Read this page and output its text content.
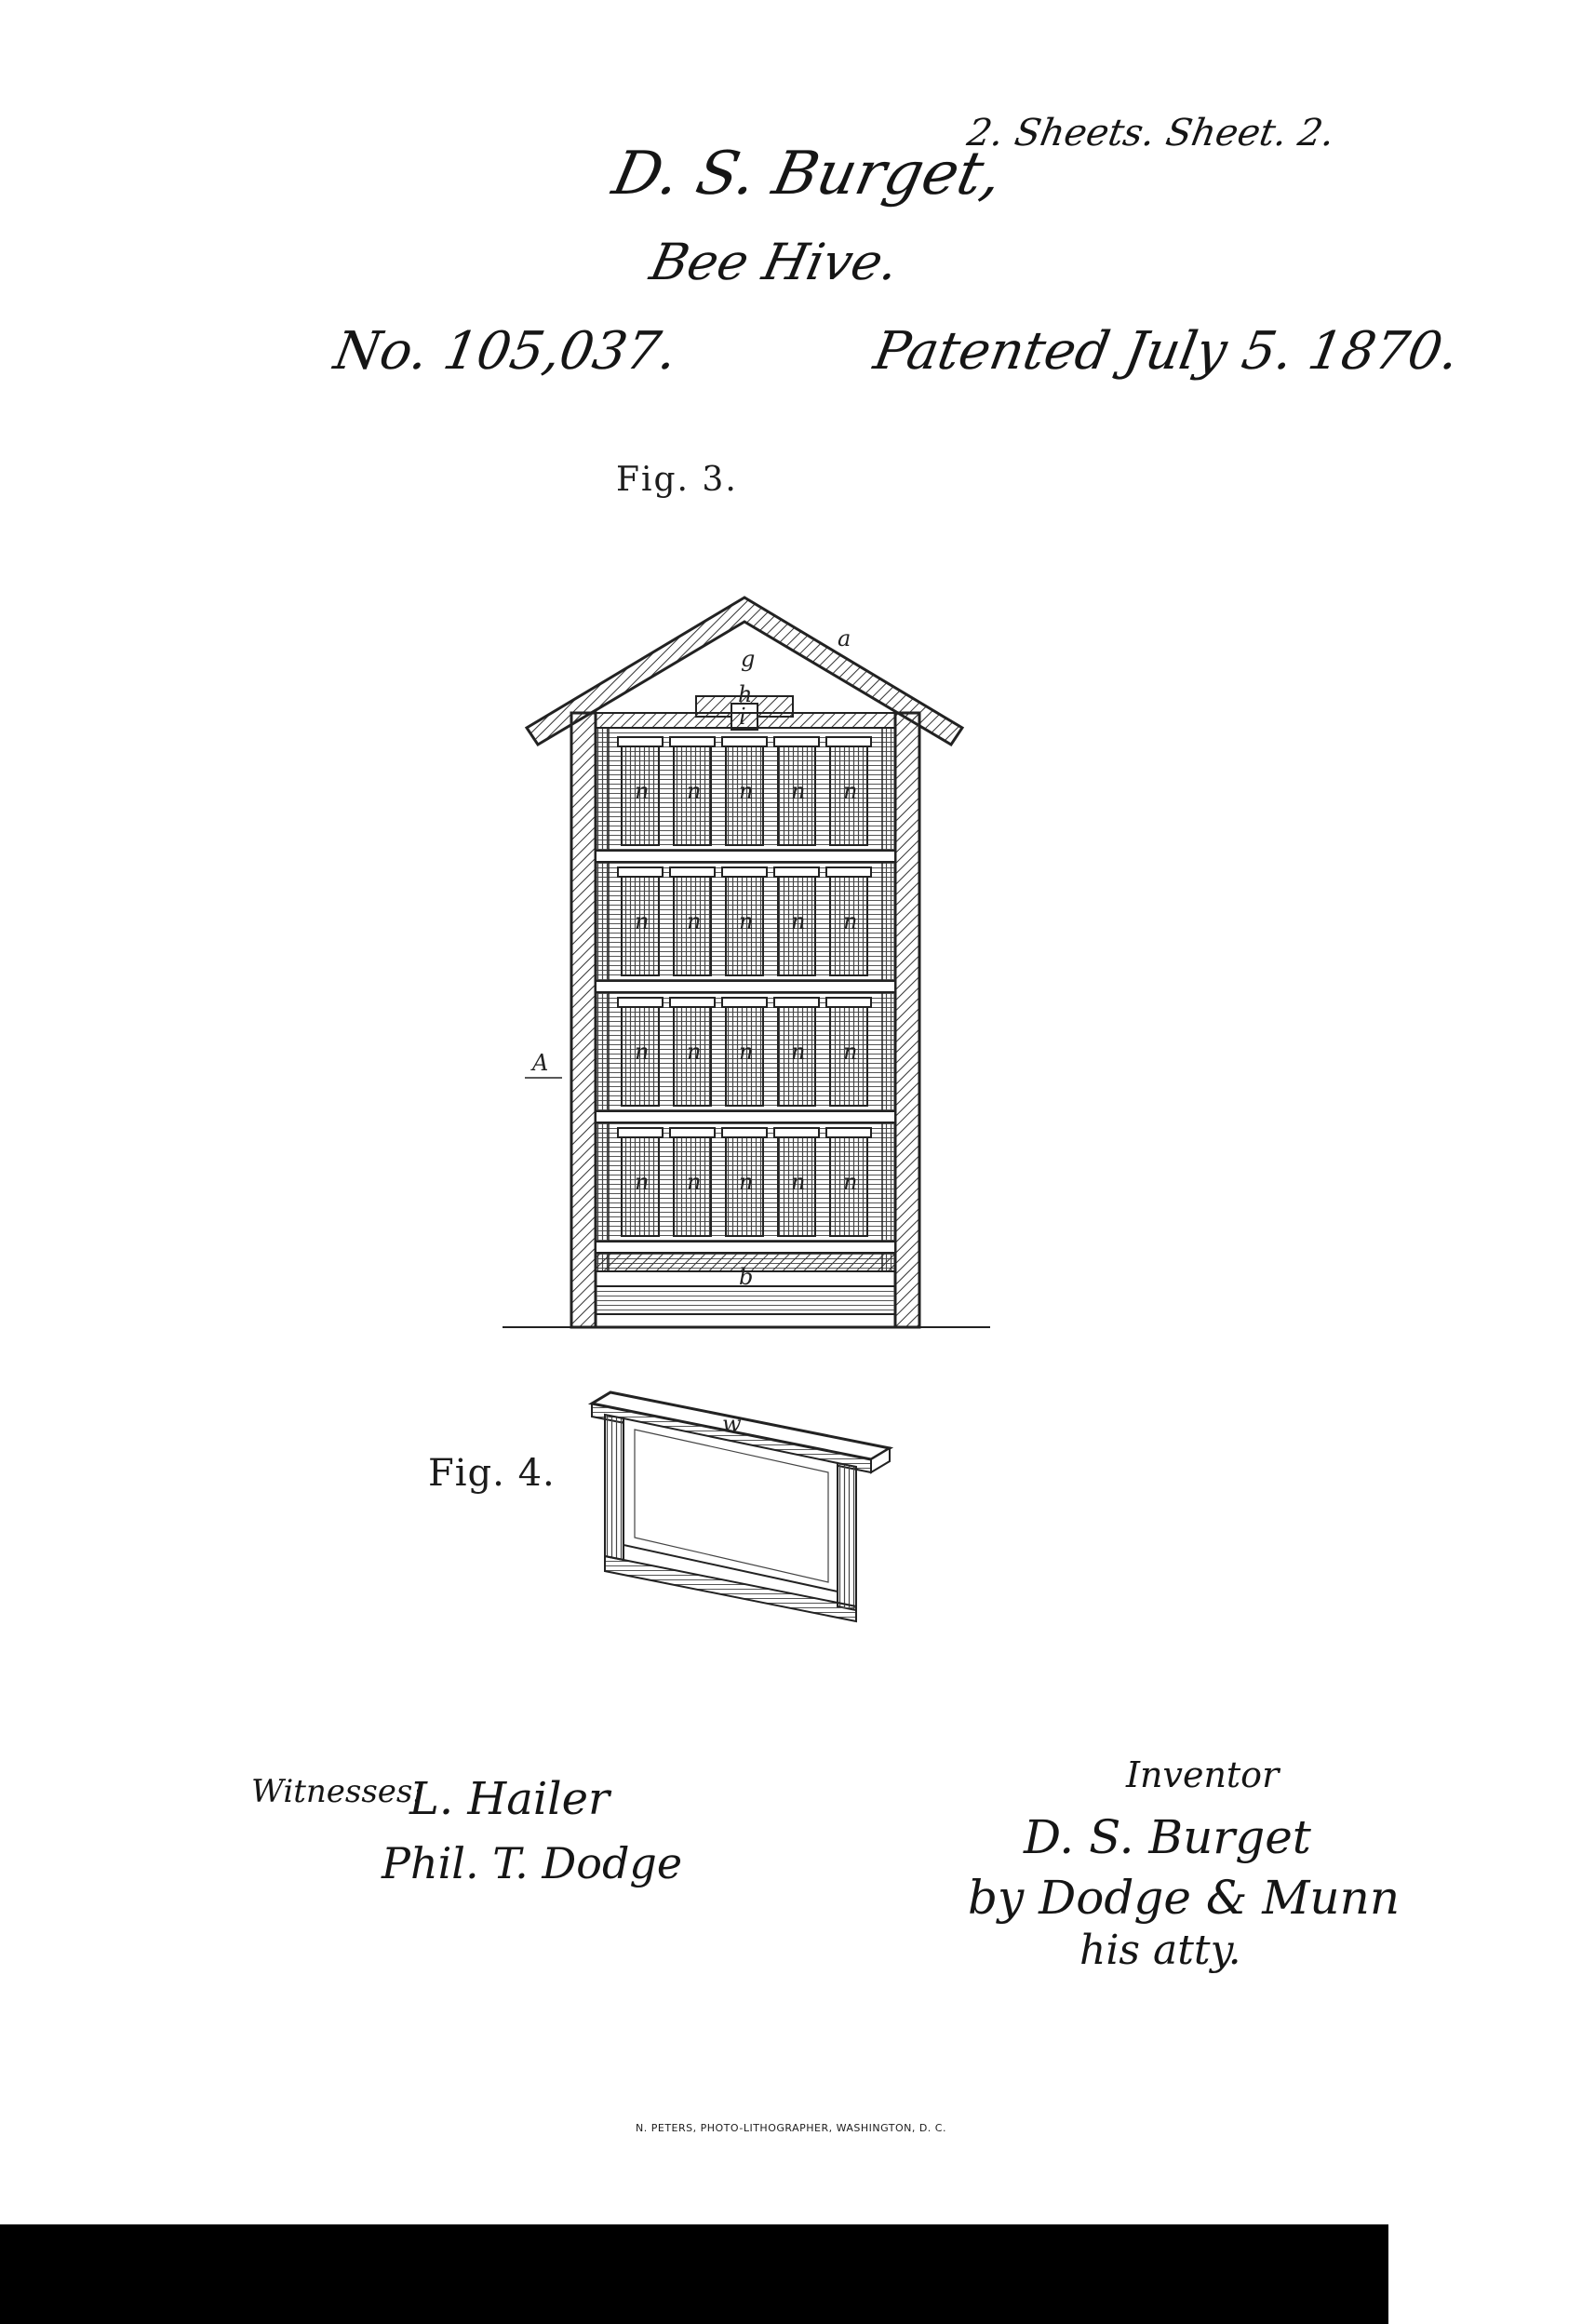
D. S. Burget,
2. Sheets. Sheet. 2.
Bee Hive.
No. 105,037.	Patented July 5. 1870.
Fig. 3.
Fig. 4.
n n n n n
n n n n n
n n n n n
n n n n n
a
g
h
i
A
b
w
Witnesses:
L. Hailer
Phil. T. Dodge
Inventor
D. S. Burget
by Dodge & Munn
his atty.
N. PETERS, PHOTO-LITHOGRAPHER, WASHINGTON, D. C.
